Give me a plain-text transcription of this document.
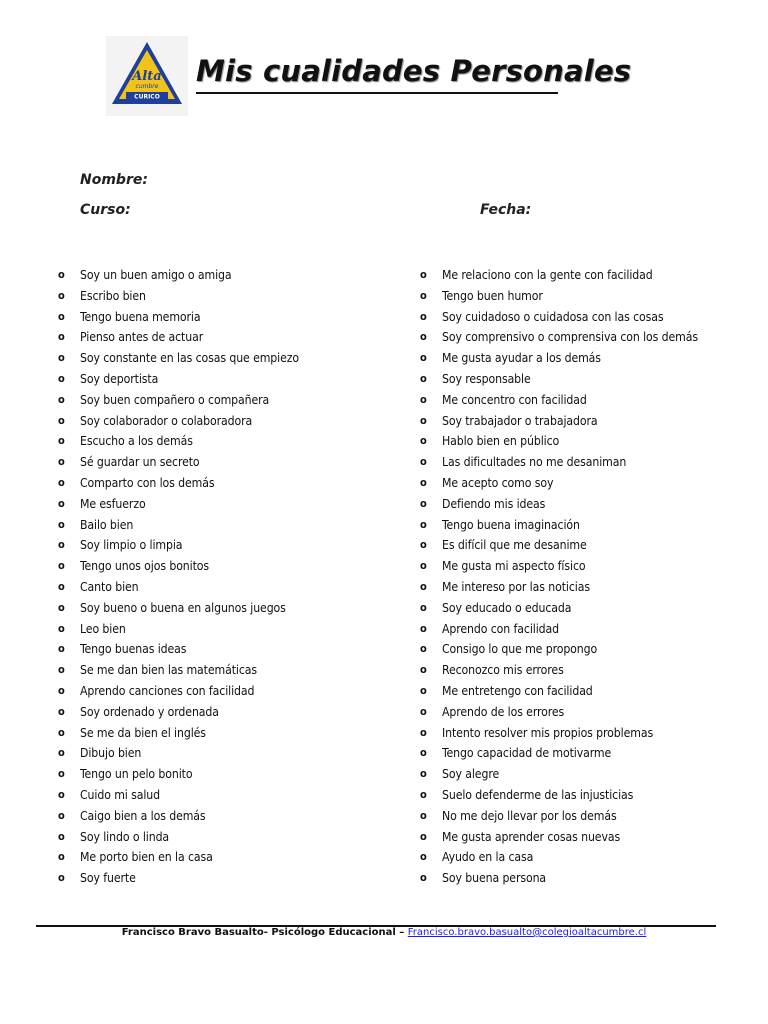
Alta
cumbre
CURICO
Mis cualidades Personales
Nombre:
Curso:	Fecha:
o	Soy un buen amigo o amiga
o	Escribo bien
o	Tengo buena memoria
o	Pienso antes de actuar
o	Soy constante en las cosas que empiezo
o	Soy deportista
o	Soy buen compañero o compañera
o	Soy colaborador o colaboradora
o	Escucho a los demás
o	Sé guardar un secreto
o	Comparto con los demás
o	Me esfuerzo
o	Bailo bien
o	Soy limpio o limpia
o	Tengo unos ojos bonitos
o	Canto bien
o	Soy bueno o buena en algunos juegos
o	Leo bien
o	Tengo buenas ideas
o	Se me dan bien las matemáticas
o	Aprendo canciones con facilidad
o	Soy ordenado y ordenada
o	Se me da bien el inglés
o	Dibujo bien
o	Tengo un pelo bonito
o	Cuido mi salud
o	Caigo bien a los demás
o	Soy lindo o linda
o	Me porto bien en la casa
o	Soy fuerte
o	Me relaciono con la gente con facilidad
o	Tengo buen humor
o	Soy cuidadoso o cuidadosa con las cosas
o	Soy comprensivo o comprensiva con los demás
o	Me gusta ayudar a los demás
o	Soy responsable
o	Me concentro con facilidad
o	Soy trabajador o trabajadora
o	Hablo bien en público
o	Las dificultades no me desaniman
o	Me acepto como soy
o	Defiendo mis ideas
o	Tengo buena imaginación
o	Es difícil que me desanime
o	Me gusta mi aspecto físico
o	Me intereso por las noticias
o	Soy educado o educada
o	Aprendo con facilidad
o	Consigo lo que me propongo
o	Reconozco mis errores
o	Me entretengo con facilidad
o	Aprendo de los errores
o	Intento resolver mis propios problemas
o	Tengo capacidad de motivarme
o	Soy alegre
o	Suelo defenderme de las injusticias
o	No me dejo llevar por los demás
o	Me gusta aprender cosas nuevas
o	Ayudo en la casa
o	Soy buena persona
Francisco Bravo Basualto- Psicólogo Educacional – Francisco.bravo.basualto@colegioaltacumbre.cl
